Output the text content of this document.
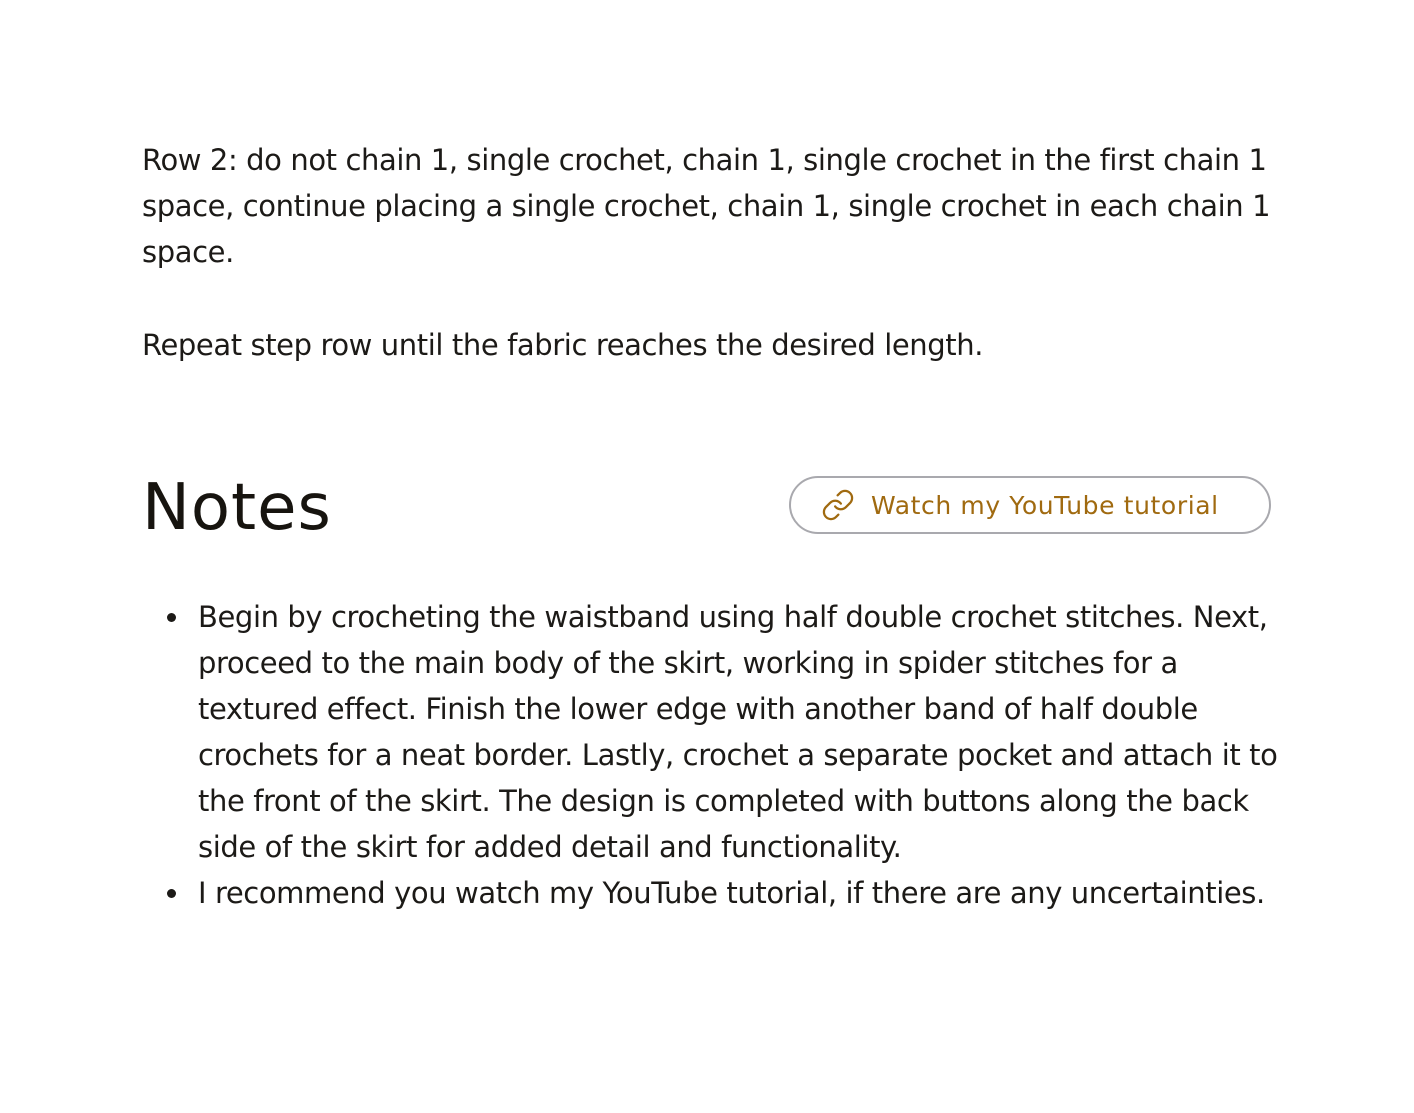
Row 2: do not chain 1, single crochet, chain 1, single crochet in the first chain 1 space, continue placing a single crochet, chain 1, single crochet in each chain 1 space.

Repeat step row until the fabric reaches the desired length.

Notes	Watch my YouTube tutorial
Begin by crocheting the waistband using half double crochet stitches. Next, proceed to the main body of the skirt, working in spider stitches for a textured effect. Finish the lower edge with another band of half double crochets for a neat border. Lastly, crochet a separate pocket and attach it to the front of the skirt. The design is completed with buttons along the back side of the skirt for added detail and functionality.
I recommend you watch my YouTube tutorial, if there are any uncertainties.
